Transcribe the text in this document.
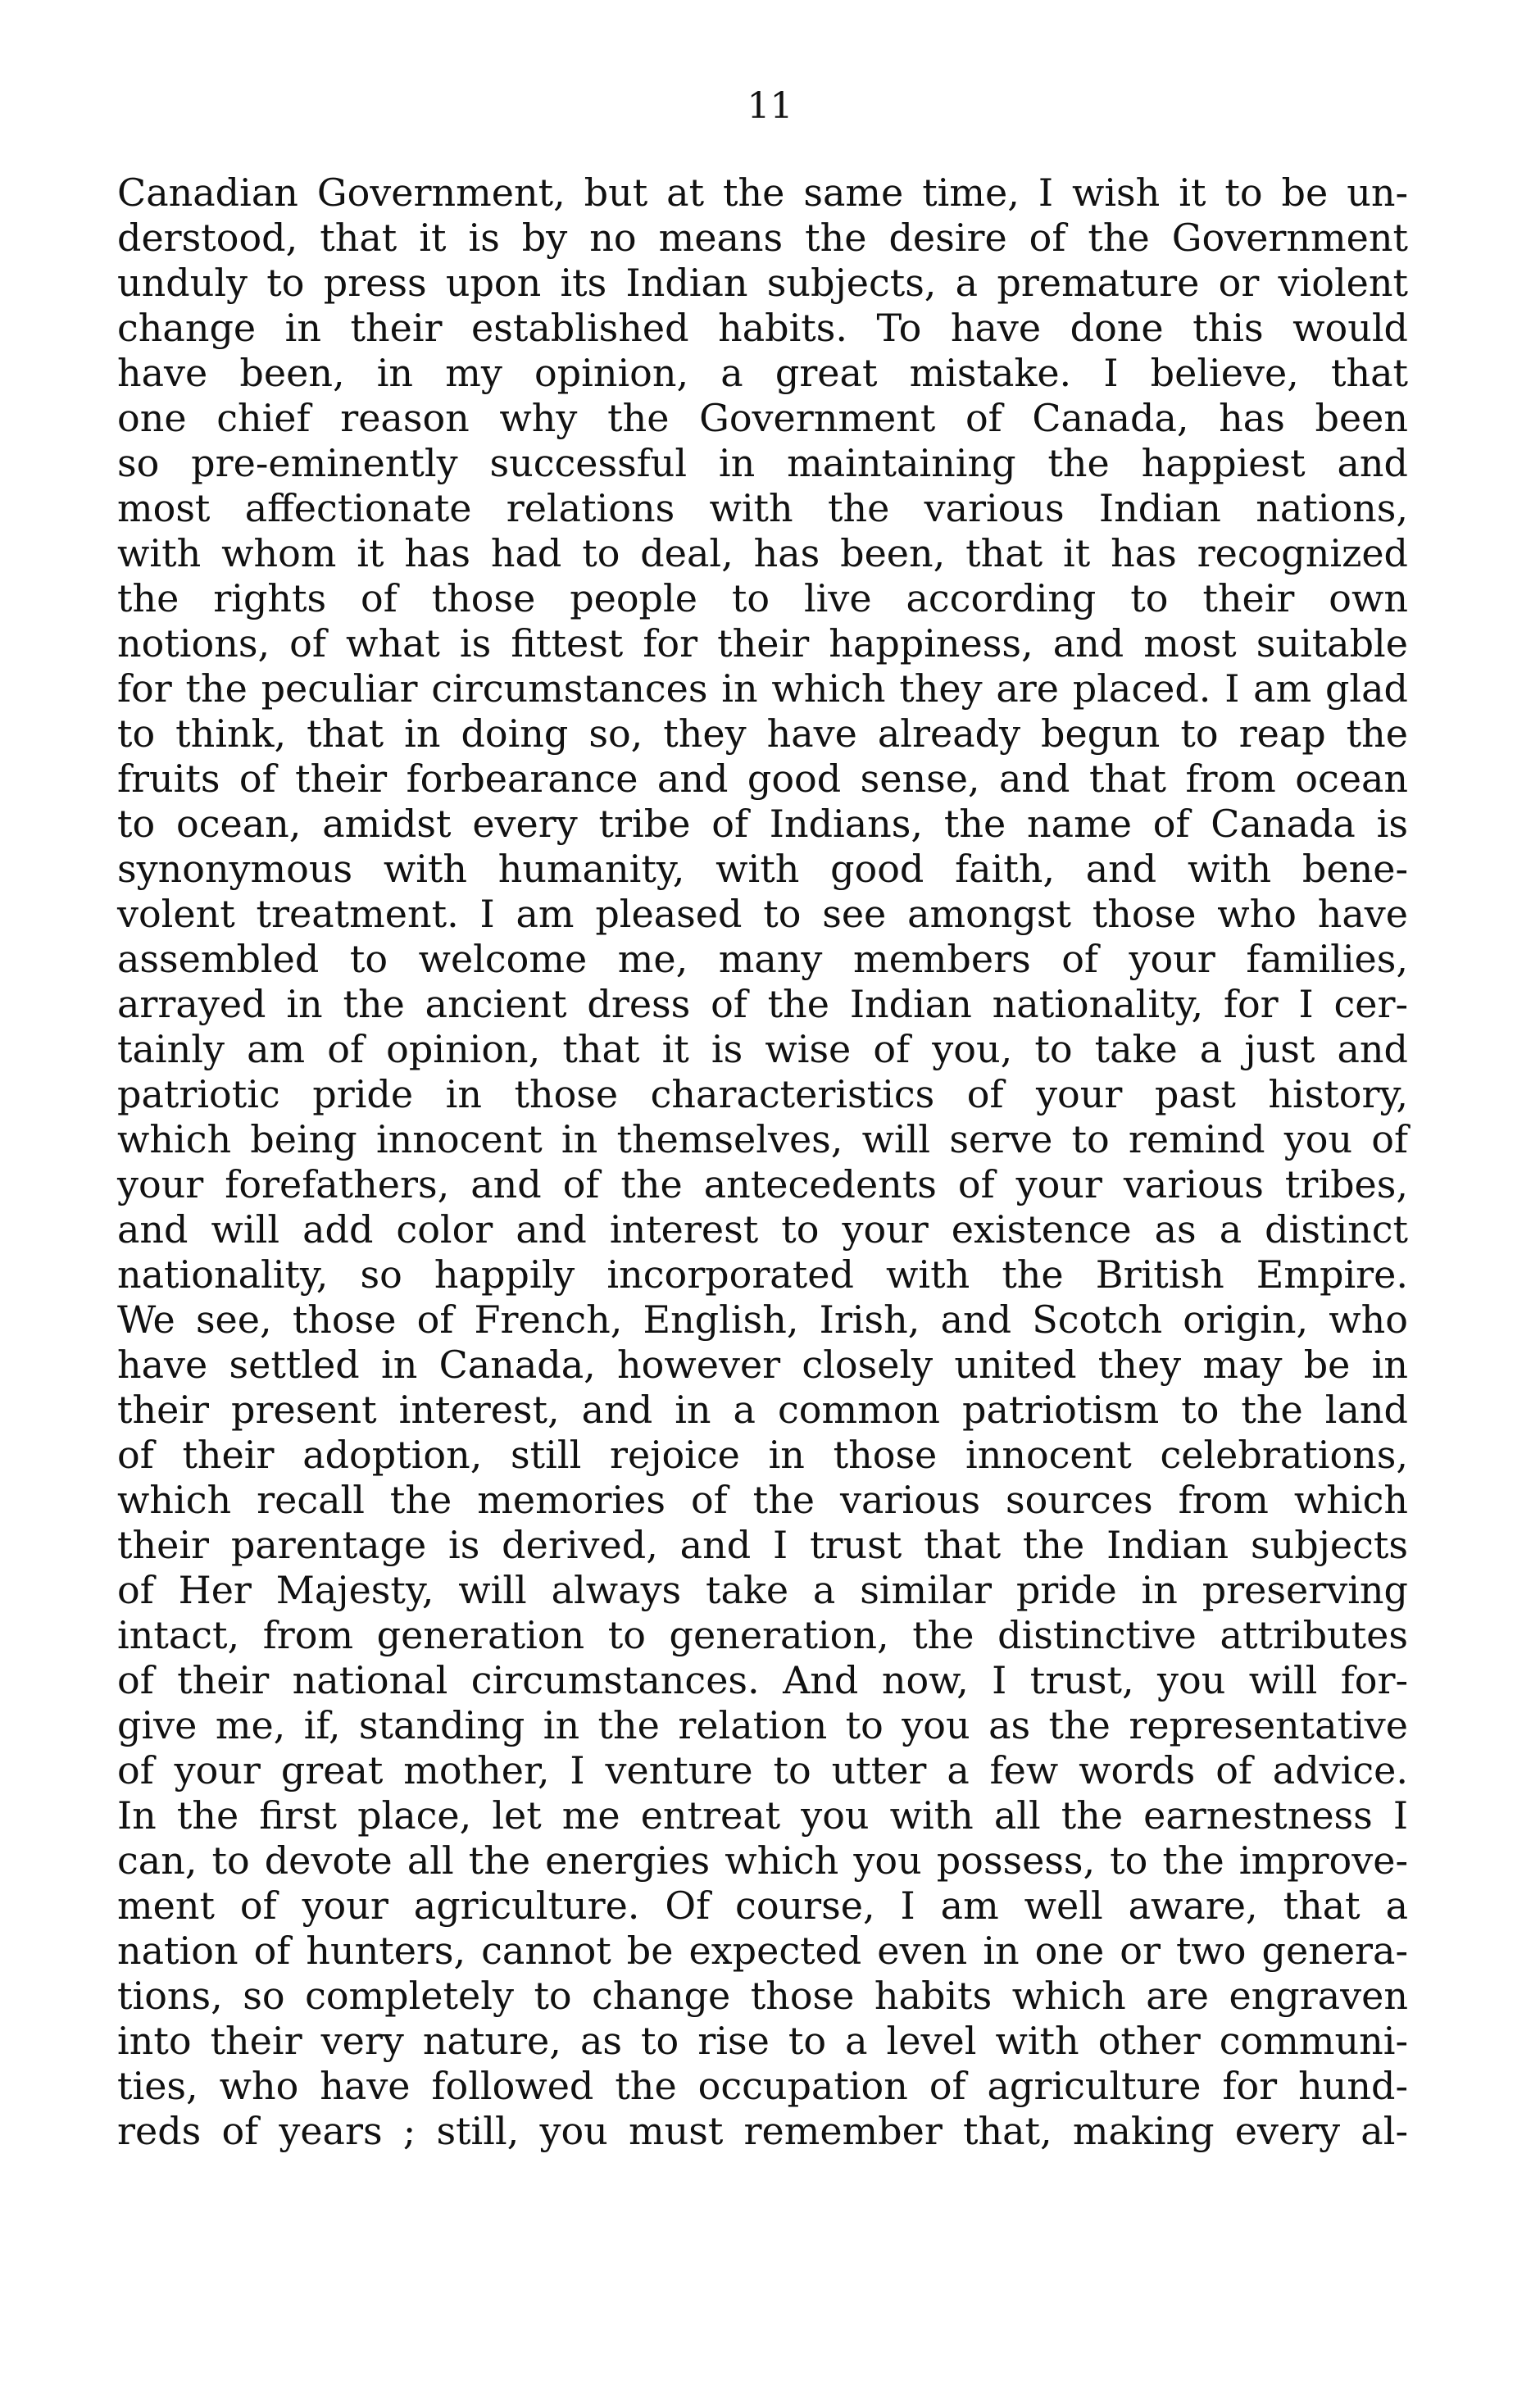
11
Canadian Government, but at the same time, I wish it to be un-
derstood, that it is by no means the desire of the Government
unduly to press upon its Indian subjects, a premature or violent
change in their established habits. To have done this would
have been, in my opinion, a great mistake. I believe, that
one chief reason why the Government of Canada, has been
so pre-eminently successful in maintaining the happiest and
most affectionate relations with the various Indian nations,
with whom it has had to deal, has been, that it has recognized
the rights of those people to live according to their own
notions, of what is fittest for their happiness, and most suitable
for the peculiar circumstances in which they are placed. I am glad
to think, that in doing so, they have already begun to reap the
fruits of their forbearance and good sense, and that from ocean
to ocean, amidst every tribe of Indians, the name of Canada is
synonymous with humanity, with good faith, and with bene-
volent treatment. I am pleased to see amongst those who have
assembled to welcome me, many members of your families,
arrayed in the ancient dress of the Indian nationality, for I cer-
tainly am of opinion, that it is wise of you, to take a just and
patriotic pride in those characteristics of your past history,
which being innocent in themselves, will serve to remind you of
your forefathers, and of the antecedents of your various tribes,
and will add color and interest to your existence as a distinct
nationality, so happily incorporated with the British Empire.
We see, those of French, English, Irish, and Scotch origin, who
have settled in Canada, however closely united they may be in
their present interest, and in a common patriotism to the land
of their adoption, still rejoice in those innocent celebrations,
which recall the memories of the various sources from which
their parentage is derived, and I trust that the Indian subjects
of Her Majesty, will always take a similar pride in preserving
intact, from generation to generation, the distinctive attributes
of their national circumstances. And now, I trust, you will for-
give me, if, standing in the relation to you as the representative
of your great mother, I venture to utter a few words of advice.
In the first place, let me entreat you with all the earnestness I
can, to devote all the energies which you possess, to the improve-
ment of your agriculture. Of course, I am well aware, that a
nation of hunters, cannot be expected even in one or two genera-
tions, so completely to change those habits which are engraven
into their very nature, as to rise to a level with other communi-
ties, who have followed the occupation of agriculture for hund-
reds of years ; still, you must remember that, making every al-
